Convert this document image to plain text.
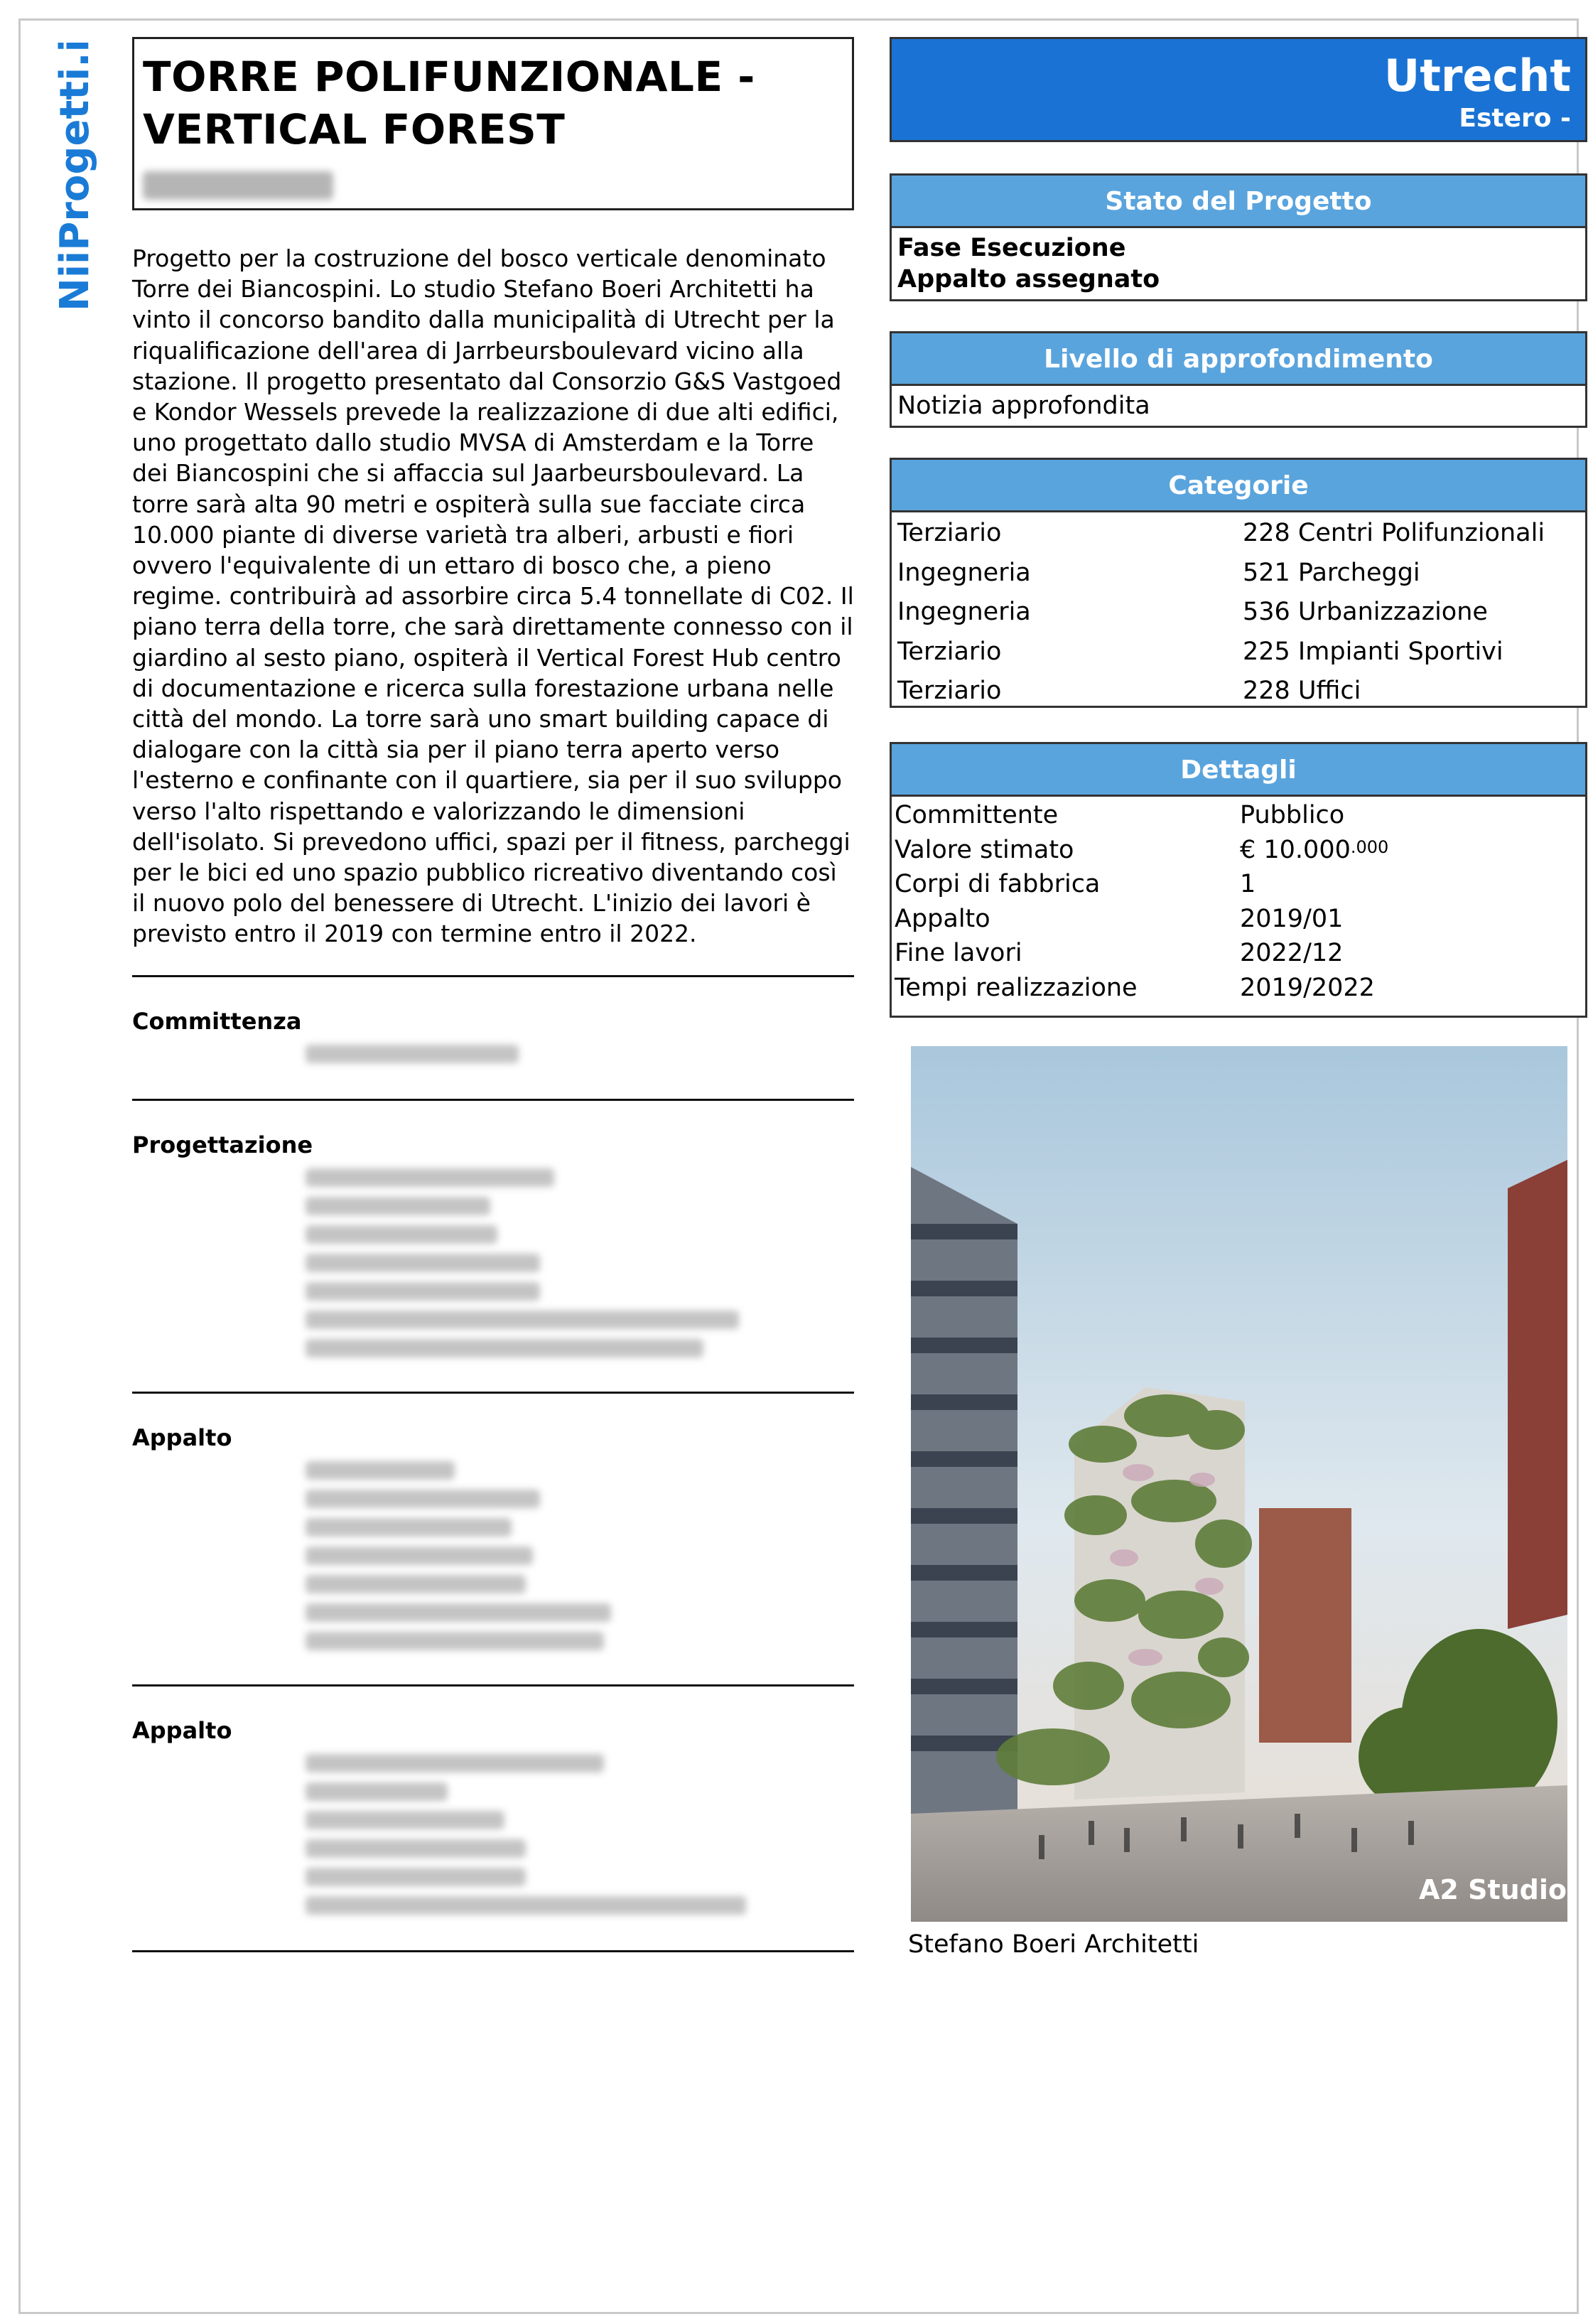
NiiProgetti.it TORRE POLIFUNZIONALE - VERTICAL FOREST

Progetto per la costruzione del bosco verticale denominato Torre dei Biancospini. Lo studio Stefano Boeri Architetti ha vinto il concorso bandito dalla municipalità di Utrecht per la riqualificazione dell'area di Jarrbeursboulevard vicino alla stazione. Il progetto presentato dal Consorzio G&S Vastgoed e Kondor Wessels prevede la realizzazione di due alti edifici, uno progettato dallo studio MVSA di Amsterdam e la Torre dei Biancospini che si affaccia sul Jaarbeursboulevard. La torre sarà alta 90 metri e ospiterà sulla sue facciate circa 10.000 piante di diverse varietà tra alberi, arbusti e fiori ovvero l'equivalente di un ettaro di bosco che, a pieno regime. contribuirà ad assorbire circa 5.4 tonnellate di C02. Il piano terra della torre, che sarà direttamente connesso con il giardino al sesto piano, ospiterà il Vertical Forest Hub centro di documentazione e ricerca sulla forestazione urbana nelle città del mondo. La torre sarà uno smart building capace di dialogare con la città sia per il piano terra aperto verso l'esterno e confinante con il quartiere, sia per il suo sviluppo verso l'alto rispettando e valorizzando le dimensioni dell'isolato. Si prevedono uffici, spazi per il fitness, parcheggi per le bici ed uno spazio pubblico ricreativo diventando così il nuovo polo del benessere di Utrecht. L'inizio dei lavori è previsto entro il 2019 con termine entro il 2022.

Committenza
Progettazione
Appalto
Appalto
Utrecht
Estero -
Stato del Progetto
Fase Esecuzione
Appalto assegnato
Livello di approfondimento
Notizia approfondita
Categorie
Terziario	228 Centri Polifunzionali
Ingegneria	521 Parcheggi
Ingegneria	536 Urbanizzazione
Terziario	225 Impianti Sportivi
Terziario	228 Uffici
Dettagli
Committente	Pubblico
Valore stimato	€ $10.000^{.000}$
Corpi di fabbrica	1
Appalto	2019/01
Fine lavori	2022/12
Tempi realizzazione	2019/2022
A2 Studio
Stefano Boeri Architetti
